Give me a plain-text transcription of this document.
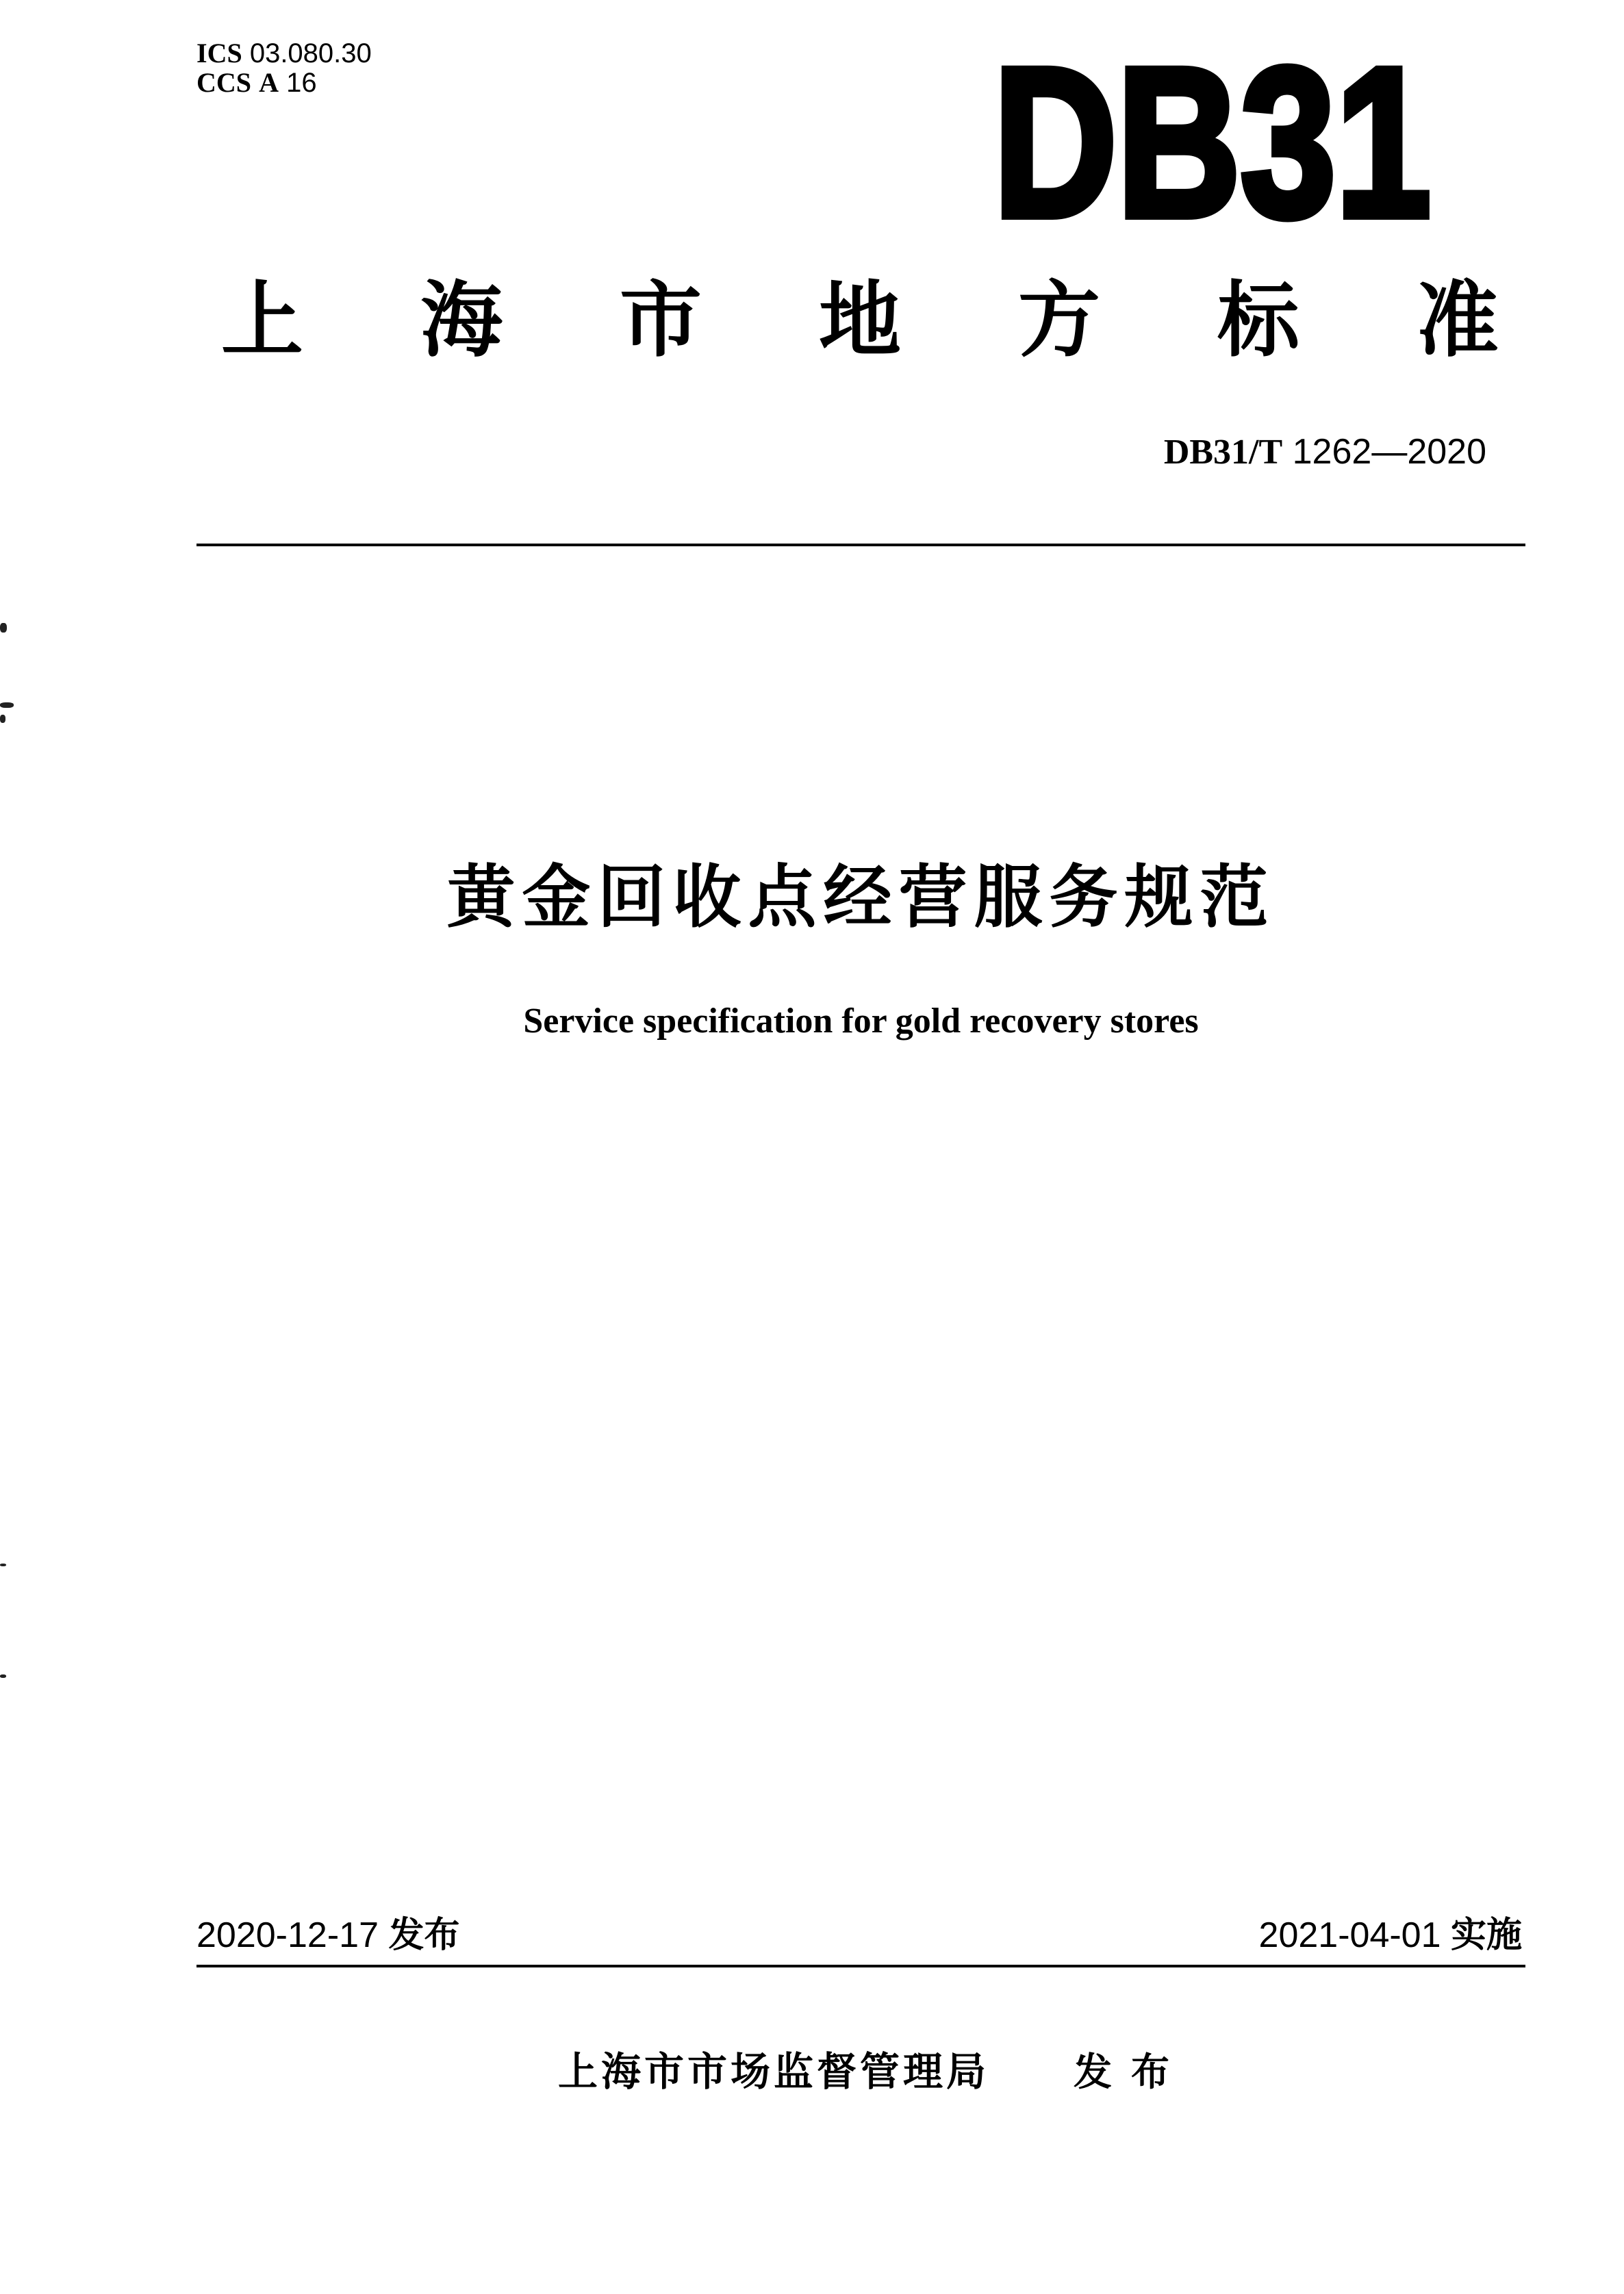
ICS 03.080.30
CCS A 16	DB31
上海市地方标准
DB31/T 1262—2020
黄金回收点经营服务规范
Service specification for gold recovery stores
2020-12-17 发布	2021-04-01 实施
上海市市场监督管理局 发布
